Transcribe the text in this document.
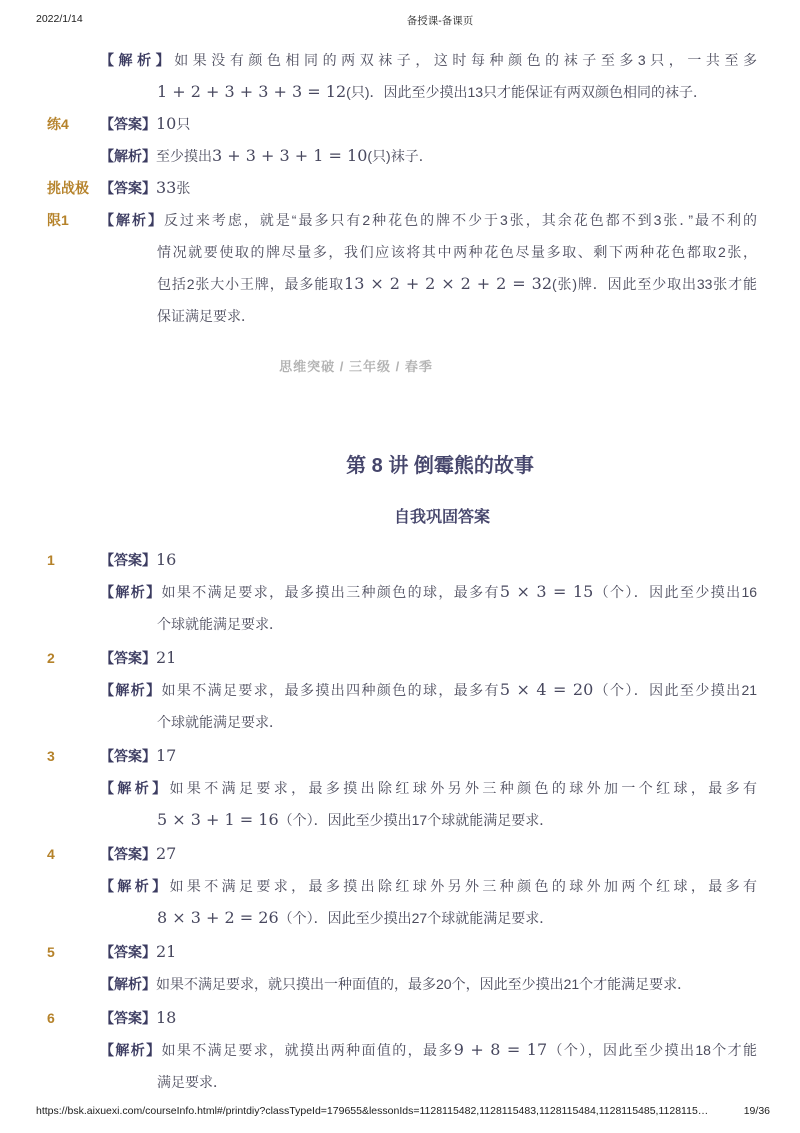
2022/1/14	备授课-备课页
【解析】如果没有颜色相同的两双袜子，这时每种颜色的袜子至多3只，一共至多
1 + 2 + 3 + 3 + 3 = 12(只)．因此至少摸出13只才能保证有两双颜色相同的袜子．
练4 【答案】10只
【解析】至少摸出3 + 3 + 3 + 1 = 10(只)袜子．
挑战极 【答案】33张
限1 【解析】反过来考虑，就是“最多只有2种花色的牌不少于3张，其余花色都不到3张．”最不利的
情况就要使取的牌尽量多，我们应该将其中两种花色尽量多取、剩下两种花色都取2张，
包括2张大小王牌，最多能取13 × 2 + 2 × 2 + 2 = 32(张)牌．因此至少取出33张才能
保证满足要求．
思维突破 / 三年级 / 春季
第 8 讲 倒霉熊的故事
自我巩固答案
1	【答案】16
【解析】如果不满足要求，最多摸出三种颜色的球，最多有5 × 3 = 15（个）．因此至少摸出16
个球就能满足要求．
2	【答案】21
【解析】如果不满足要求，最多摸出四种颜色的球，最多有5 × 4 = 20（个）．因此至少摸出21
个球就能满足要求．
3	【答案】17
【解析】如果不满足要求，最多摸出除红球外另外三种颜色的球外加一个红球，最多有
5 × 3 + 1 = 16（个）．因此至少摸出17个球就能满足要求．
4	【答案】27
【解析】如果不满足要求，最多摸出除红球外另外三种颜色的球外加两个红球，最多有
8 × 3 + 2 = 26（个）．因此至少摸出27个球就能满足要求．
5	【答案】21
【解析】如果不满足要求，就只摸出一种面值的，最多20个，因此至少摸出21个才能满足要求．
6	【答案】18
【解析】如果不满足要求，就摸出两种面值的，最多9 + 8 = 17（个），因此至少摸出18个才能
满足要求．
https://bsk.aixuexi.com/courseInfo.html#/printdiy?classTypeId=179655&lessonIds=1128115482,1128115483,1128115484,1128115485,1128115…	19/36
